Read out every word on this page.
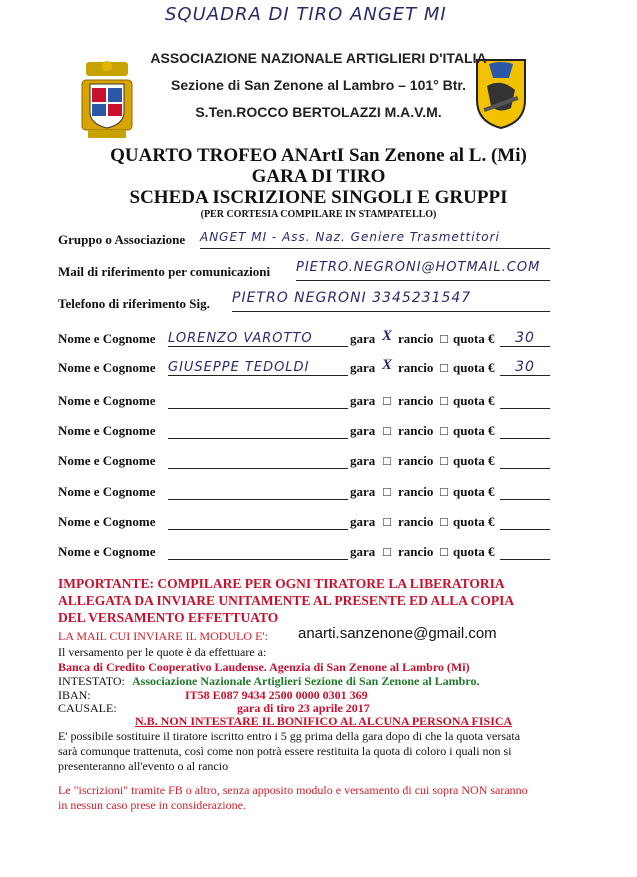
SQUADRA DI TIRO ANGET MI
ASSOCIAZIONE NAZIONALE ARTIGLIERI D'ITALIA
Sezione di San Zenone al Lambro – 101° Btr.
S.Ten.ROCCO BERTOLAZZI M.A.V.M.
QUARTO TROFEO ANArtI San Zenone al L. (Mi)
GARA DI TIRO
SCHEDA ISCRIZIONE SINGOLI E GRUPPI
(PER CORTESIA COMPILARE IN STAMPATELLO)
Gruppo o Associazione ANGET MI - Ass. Naz. Geniere Trasmettitori
Mail di riferimento per comunicazioni PIETRO.NEGRONI@HOTMAIL.COM
Telefono di riferimento Sig. PIETRO NEGRONI 3345231547
Nome e Cognome LORENZO VAROTTO	gara X rancio □ quota €	30
Nome e Cognome GIUSEPPE TEDOLDI	gara X rancio □ quota €	30
Nome e Cognome	gara □ rancio □ quota €
Nome e Cognome	gara □ rancio □ quota €
Nome e Cognome	gara □ rancio □ quota €
Nome e Cognome	gara □ rancio □ quota €
Nome e Cognome	gara □ rancio □ quota €
Nome e Cognome	gara □ rancio □ quota €
IMPORTANTE: COMPILARE PER OGNI TIRATORE LA LIBERATORIA
ALLEGATA DA INVIARE UNITAMENTE AL PRESENTE ED ALLA COPIA
DEL VERSAMENTO EFFETTUATO
LA MAIL CUI INVIARE IL MODULO E': anarti.sanzenone@gmail.com
Il versamento per le quote è da effettuare a:
Banca di Credito Cooperativo Laudense. Agenzia di San Zenone al Lambro (Mi)
INTESTATO: Associazione Nazionale Artiglieri Sezione di San Zenone al Lambro.
IBAN:	IT58 E087 9434 2500 0000 0301 369
CAUSALE:	gara di tiro 23 aprile 2017
N.B. NON INTESTARE IL BONIFICO AL ALCUNA PERSONA FISICA
E' possibile sostituire il tiratore iscritto entro i 5 gg prima della gara dopo di che la quota versata
sarà comunque trattenuta, così come non potrà essere restituita la quota di coloro i quali non si
presenteranno all'evento o al rancio
Le "iscrizioni" tramite FB o altro, senza apposito modulo e versamento di cui sopra NON saranno
in nessun caso prese in considerazione.
